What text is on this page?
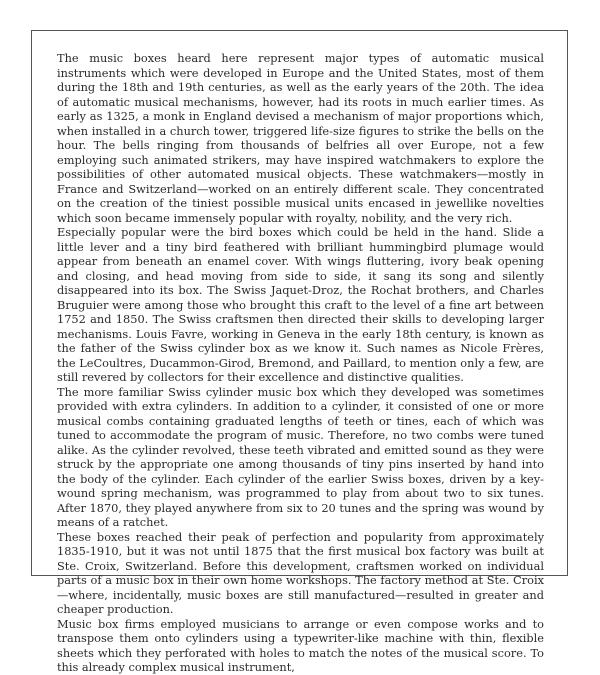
The music boxes heard here represent major types of automatic musical instruments which were developed in Europe and the United States, most of them during the 18th and 19th centuries, as well as the early years of the 20th. The idea of automatic musical mechanisms, however, had its roots in much earlier times. As early as 1325, a monk in England devised a mechanism of major proportions which, when installed in a church tower, triggered life-size figures to strike the bells on the hour. The bells ringing from thousands of belfries all over Europe, not a few employing such animated strikers, may have inspired watchmakers to explore the possibilities of other automated musical objects. These watchmakers—mostly in France and Switzerland—worked on an entirely different scale. They concentrated on the creation of the tiniest possible musical units encased in jewellike novelties which soon became immensely popular with royalty, nobility, and the very rich.

Especially popular were the bird boxes which could be held in the hand. Slide a little lever and a tiny bird feathered with brilliant hummingbird plumage would appear from beneath an enamel cover. With wings fluttering, ivory beak opening and closing, and head moving from side to side, it sang its song and silently disappeared into its box. The Swiss Jaquet-Droz, the Rochat brothers, and Charles Bruguier were among those who brought this craft to the level of a fine art between 1752 and 1850. The Swiss craftsmen then directed their skills to developing larger mechanisms. Louis Favre, working in Geneva in the early 18th century, is known as the father of the Swiss cylinder box as we know it. Such names as Nicole Frères, the LeCoultres, Ducammon-Girod, Bremond, and Paillard, to mention only a few, are still revered by collectors for their excellence and distinctive qualities.

The more familiar Swiss cylinder music box which they developed was sometimes provided with extra cylinders. In addition to a cylinder, it consisted of one or more musical combs containing graduated lengths of teeth or tines, each of which was tuned to accommodate the program of music. Therefore, no two combs were tuned alike. As the cylinder revolved, these teeth vibrated and emitted sound as they were struck by the appropriate one among thousands of tiny pins inserted by hand into the body of the cylinder. Each cylinder of the earlier Swiss boxes, driven by a key-wound spring mechanism, was programmed to play from about two to six tunes. After 1870, they played anywhere from six to 20 tunes and the spring was wound by means of a ratchet.

These boxes reached their peak of perfection and popularity from approximately 1835-1910, but it was not until 1875 that the first musical box factory was built at Ste. Croix, Switzerland. Before this development, craftsmen worked on individual parts of a music box in their own home workshops. The factory method at Ste. Croix—where, incidentally, music boxes are still manufactured—resulted in greater and cheaper production.

Music box firms employed musicians to arrange or even compose works and to transpose them onto cylinders using a typewriter-like machine with thin, flexible sheets which they perforated with holes to match the notes of the musical score. To this already complex musical instrument,
